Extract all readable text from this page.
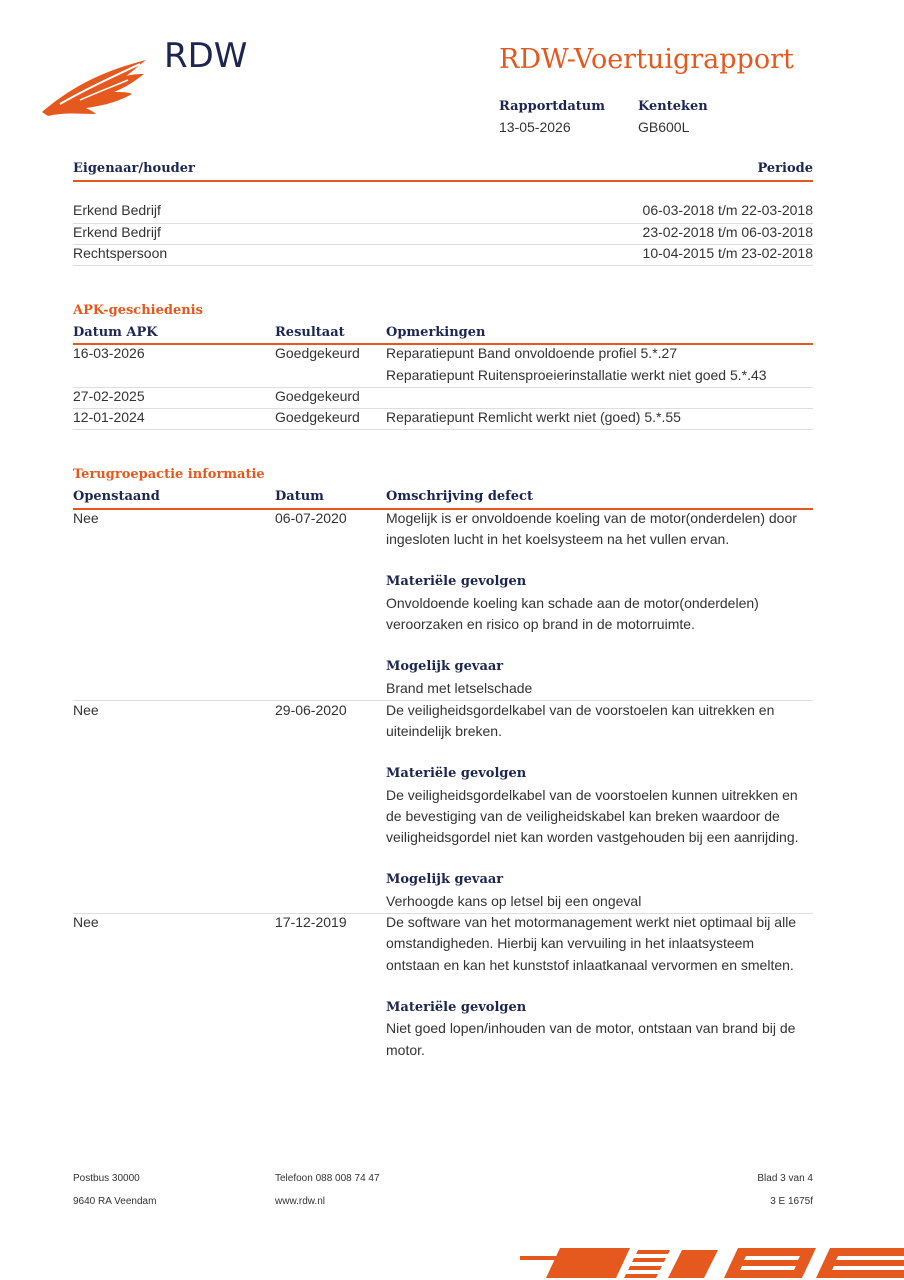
RDW	RDW-Voertuigrapport
Rapportdatum
13-05-2026
Kenteken
GB600L
Eigenaar/houder	Periode
Erkend Bedrijf	06-03-2018 t/m 22-03-2018
Erkend Bedrijf	23-02-2018 t/m 06-03-2018
Rechtspersoon	10-04-2015 t/m 23-02-2018
APK-geschiedenis
Datum APK	Resultaat	Opmerkingen
16-03-2026	Goedgekeurd Reparatiepunt Band onvoldoende profiel 5.*.27
Reparatiepunt Ruitensproeierinstallatie werkt niet goed 5.*.43
27-02-2025	Goedgekeurd
12-01-2024	Goedgekeurd Reparatiepunt Remlicht werkt niet (goed) 5.*.55
Terugroepactie informatie
Openstaand	Datum	Omschrijving defect
Nee	06-07-2020	Mogelijk is er onvoldoende koeling van de motor(onderdelen) door
ingesloten lucht in het koelsysteem na het vullen ervan.
Materiële gevolgen
Onvoldoende koeling kan schade aan de motor(onderdelen)
veroorzaken en risico op brand in de motorruimte.
Mogelijk gevaar
Brand met letselschade
Nee	29-06-2020	De veiligheidsgordelkabel van de voorstoelen kan uitrekken en
uiteindelijk breken.
Materiële gevolgen
De veiligheidsgordelkabel van de voorstoelen kunnen uitrekken en
de bevestiging van de veiligheidskabel kan breken waardoor de
veiligheidsgordel niet kan worden vastgehouden bij een aanrijding.
Mogelijk gevaar
Verhoogde kans op letsel bij een ongeval
Nee	17-12-2019	De software van het motormanagement werkt niet optimaal bij alle
omstandigheden. Hierbij kan vervuiling in het inlaatsysteem
ontstaan en kan het kunststof inlaatkanaal vervormen en smelten.
Materiële gevolgen
Niet goed lopen/inhouden van de motor, ontstaan van brand bij de
motor.
Postbus 30000
9640 RA Veendam
Telefoon 088 008 74 47
www.rdw.nl
Blad 3 van 4
3 E 1675f
